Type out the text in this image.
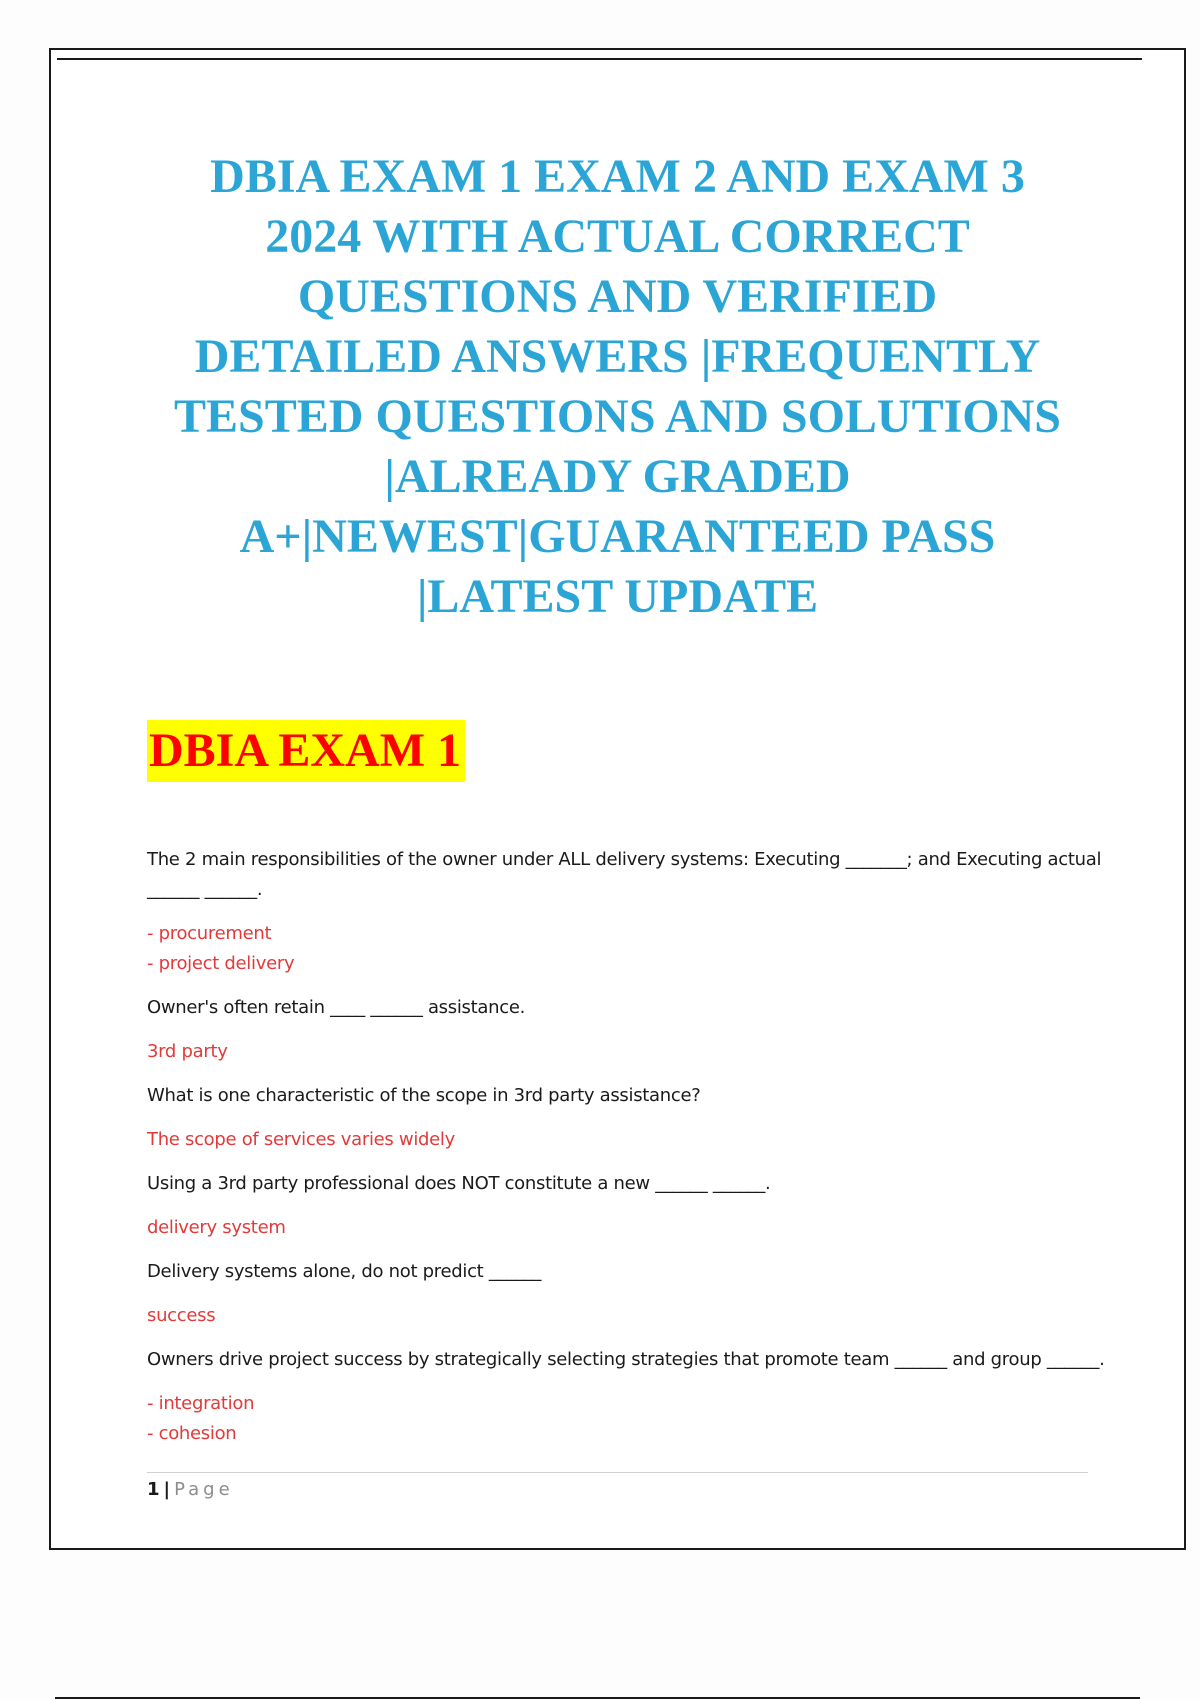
DBIA EXAM 1 EXAM 2 AND EXAM 3
2024 WITH ACTUAL CORRECT
QUESTIONS AND VERIFIED
DETAILED ANSWERS |FREQUENTLY
TESTED QUESTIONS AND SOLUTIONS
|ALREADY GRADED
A+|NEWEST|GUARANTEED PASS
|LATEST UPDATE
DBIA EXAM 1

The 2 main responsibilities of the owner under ALL delivery systems: Executing _______; and Executing actual ______ ______.

- procurement
- project delivery

Owner's often retain ____ ______ assistance.

3rd party

What is one characteristic of the scope in 3rd party assistance?

The scope of services varies widely

Using a 3rd party professional does NOT constitute a new ______ ______.

delivery system

Delivery systems alone, do not predict ______

success

Owners drive project success by strategically selecting strategies that promote team ______ and group ______.

- integration
- cohesion

1 | Page
